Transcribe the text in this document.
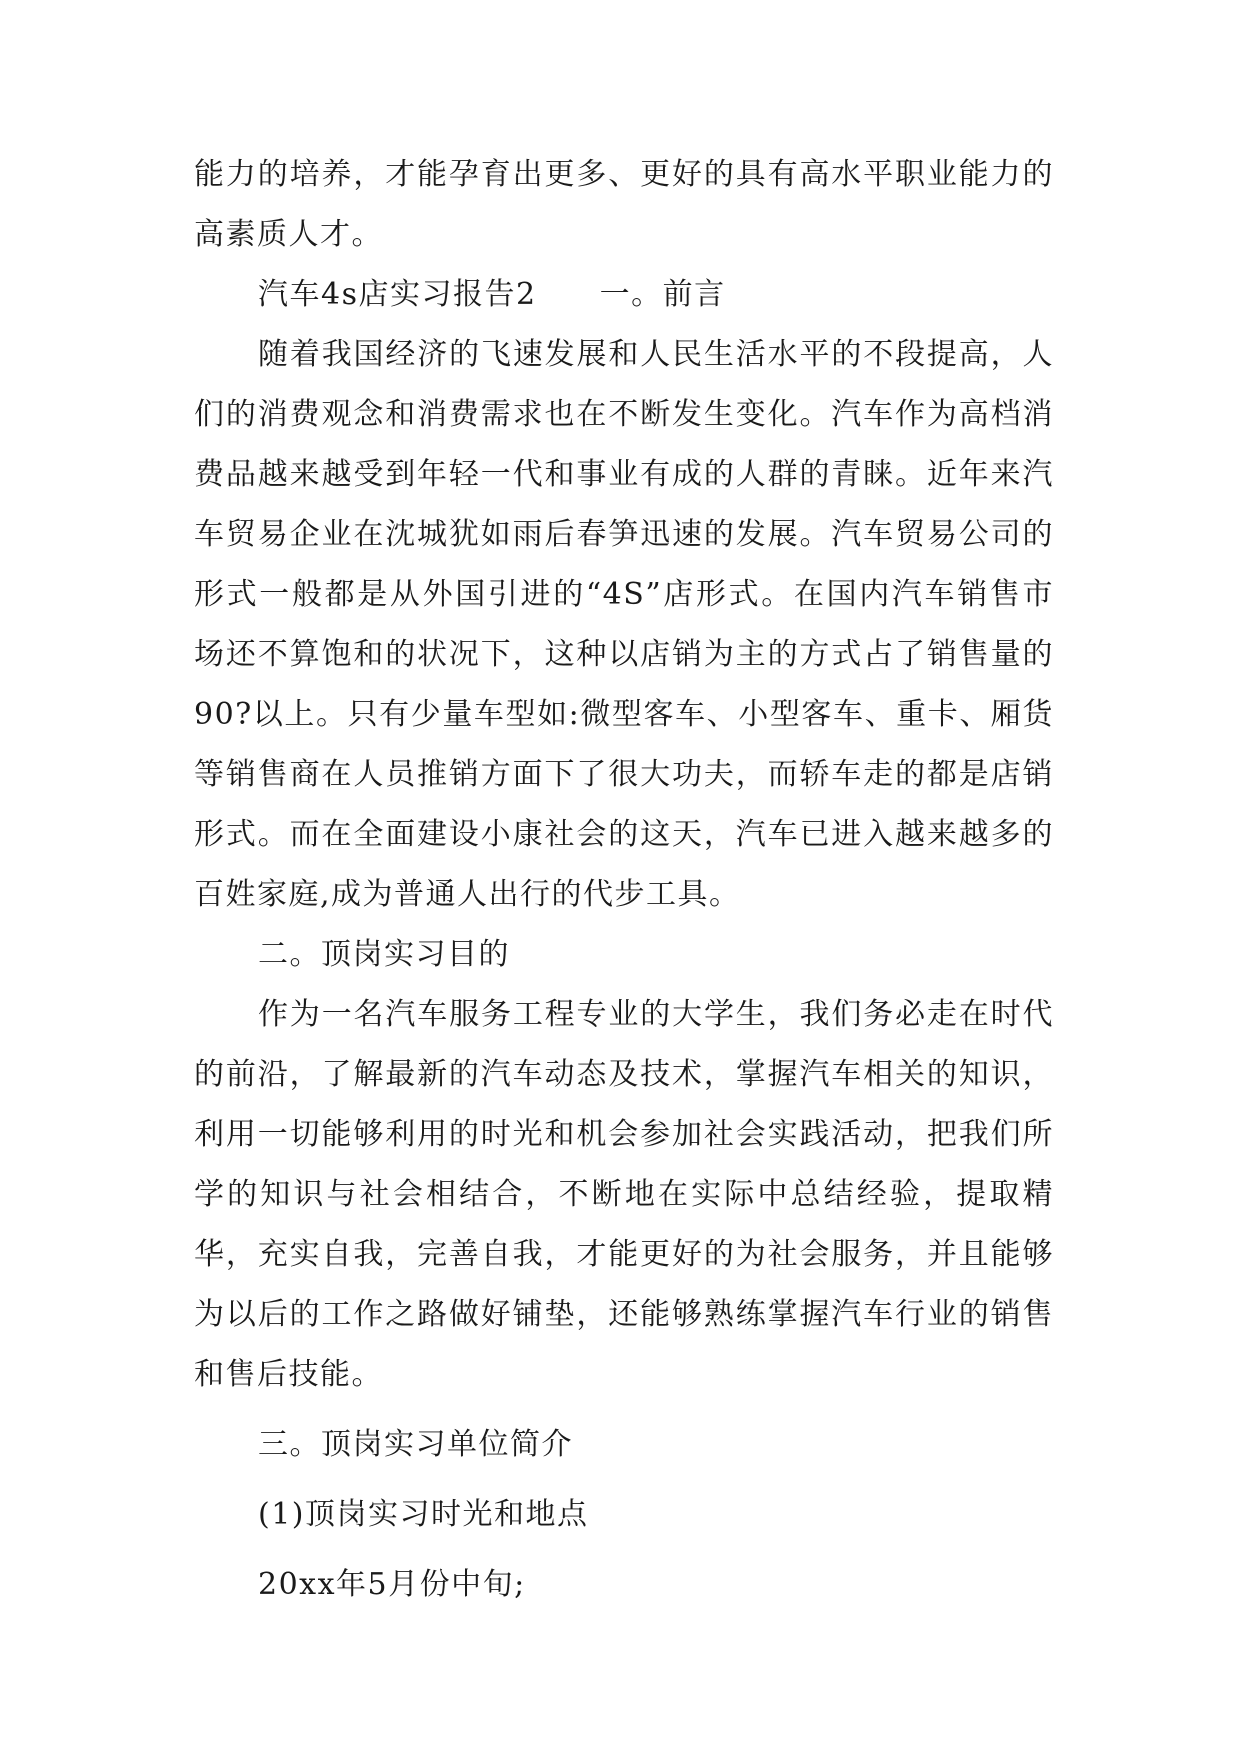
能力的培养，才能孕育出更多、更好的具有高水平职业能力的高素质人才。

汽车4s店实习报告2　　一。前言

随着我国经济的飞速发展和人民生活水平的不段提高，人们的消费观念和消费需求也在不断发生变化。汽车作为高档消费品越来越受到年轻一代和事业有成的人群的青睐。近年来汽车贸易企业在沈城犹如雨后春笋迅速的发展。汽车贸易公司的形式一般都是从外国引进的“4S”店形式。在国内汽车销售市场还不算饱和的状况下，这种以店销为主的方式占了销售量的90?以上。只有少量车型如:微型客车、小型客车、重卡、厢货等销售商在人员推销方面下了很大功夫，而轿车走的都是店销形式。而在全面建设小康社会的这天，汽车已进入越来越多的百姓家庭,成为普通人出行的代步工具。

二。顶岗实习目的

作为一名汽车服务工程专业的大学生，我们务必走在时代的前沿，了解最新的汽车动态及技术，掌握汽车相关的知识，利用一切能够利用的时光和机会参加社会实践活动，把我们所学的知识与社会相结合，不断地在实际中总结经验，提取精华，充实自我，完善自我，才能更好的为社会服务，并且能够为以后的工作之路做好铺垫，还能够熟练掌握汽车行业的销售和售后技能。

三。顶岗实习单位简介

(1)顶岗实习时光和地点

20xx年5月份中旬;
